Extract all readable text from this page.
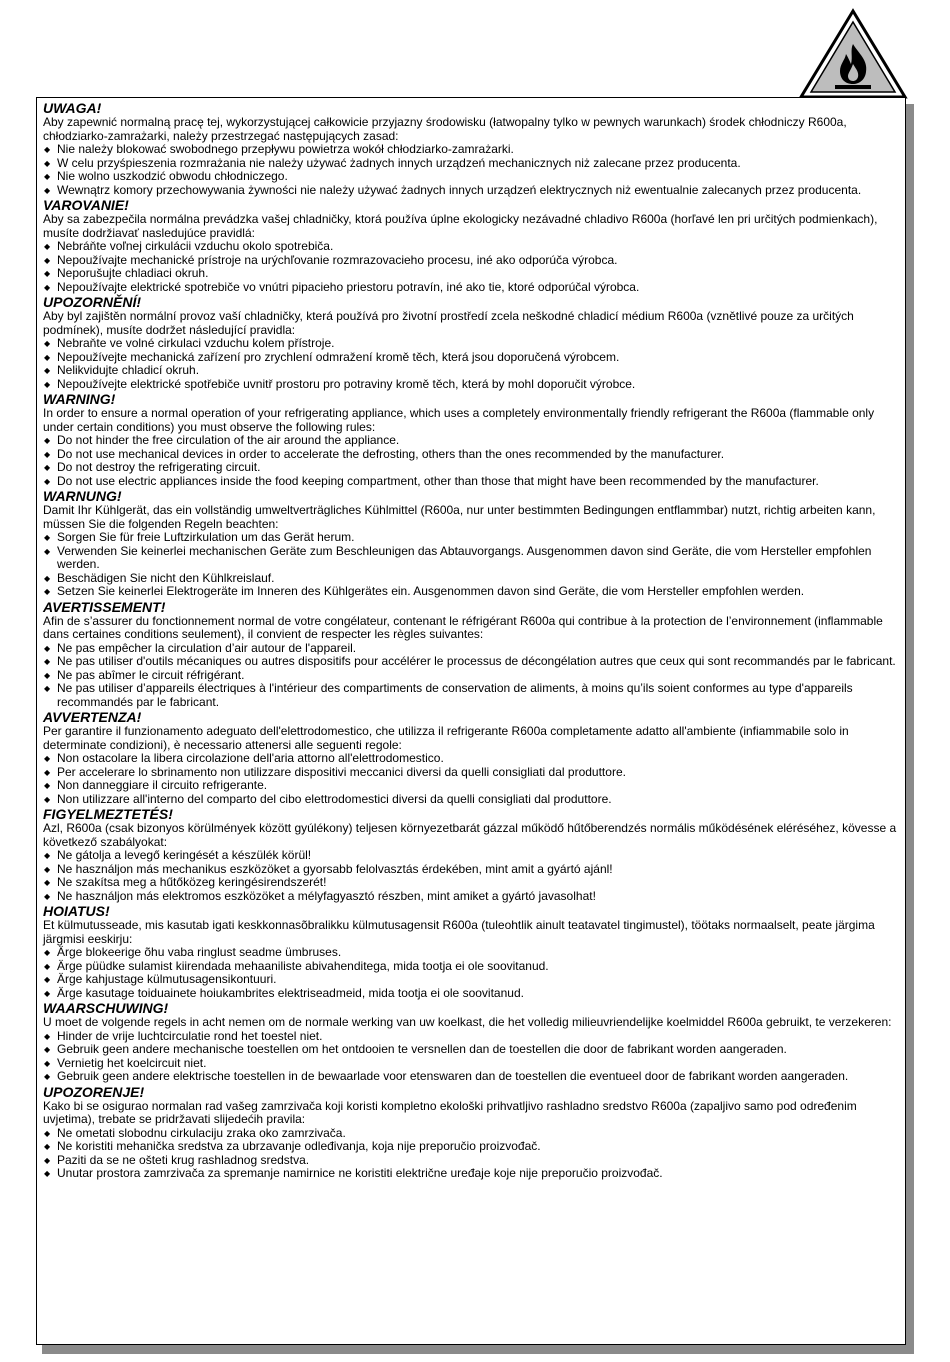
UWAGA!
Aby zapewnić normalną pracę tej, wykorzystującej całkowicie przyjazny środowisku (łatwopalny tylko w pewnych warunkach) środek chłodniczy R600a, chłodziarko-zamrażarki, należy przestrzegać następujących zasad:
◆ Nie należy blokować swobodnego przepływu powietrza wokół chłodziarko-zamrażarki.
◆ W celu przyśpieszenia rozmrażania nie należy używać żadnych innych urządzeń mechanicznych niż zalecane przez producenta.
◆ Nie wolno uszkodzić obwodu chłodniczego.
◆ Wewnątrz komory przechowywania żywności nie należy używać żadnych innych urządzeń elektrycznych niż ewentualnie zalecanych przez producenta.
VAROVANIE!
Aby sa zabezpečila normálna prevádzka vašej chladničky, ktorá používa úplne ekologicky nezávadné chladivo R600a (horľavé len pri určitých podmienkach), musíte dodržiavať nasledujúce pravidlá:
◆ Nebráňte voľnej cirkulácii vzduchu okolo spotrebiča.
◆ Nepoužívajte mechanické prístroje na urýchľovanie rozmrazovacieho procesu, iné ako odporúča výrobca.
◆ Neporušujte chladiaci okruh.
◆ Nepoužívajte elektrické spotrebiče vo vnútri pipacieho priestoru potravín, iné ako tie, ktoré odporúčal výrobca.
UPOZORNĚNÍ!
Aby byl zajištěn normální provoz vaší chladničky, která používá pro životní prostředí zcela neškodné chladicí médium R600a (vznětlivé pouze za určitých podmínek), musíte dodržet následující pravidla:
◆ Nebraňte ve volné cirkulaci vzduchu kolem přístroje.
◆ Nepoužívejte mechanická zařízení pro zrychlení odmražení kromě těch, která jsou doporučená výrobcem.
◆ Nelikvidujte chladicí okruh.
◆ Nepoužívejte elektrické spotřebiče uvnitř prostoru pro potraviny kromě těch, která by mohl doporučit výrobce.
WARNING!
In order to ensure a normal operation of your refrigerating appliance, which uses a completely environmentally friendly refrigerant the R600a (flammable only under certain conditions) you must observe the following rules:
◆ Do not hinder the free circulation of the air around the appliance.
◆ Do not use mechanical devices in order to accelerate the defrosting, others than the ones recommended by the manufacturer.
◆ Do not destroy the refrigerating circuit.
◆ Do not use electric appliances inside the food keeping compartment, other than those that might have been recommended by the manufacturer.
WARNUNG!
Damit Ihr Kühlgerät, das ein vollständig umweltverträgliches Kühlmittel (R600a, nur unter bestimmten Bedingungen entflammbar) nutzt, richtig arbeiten kann, müssen Sie die folgenden Regeln beachten:
◆ Sorgen Sie für freie Luftzirkulation um das Gerät herum.
◆ Verwenden Sie keinerlei mechanischen Geräte zum Beschleunigen das Abtauvorgangs. Ausgenommen davon sind Geräte, die vom Hersteller empfohlen werden.
◆ Beschädigen Sie nicht den Kühlkreislauf.
◆ Setzen Sie keinerlei Elektrogeräte im Inneren des Kühlgerätes ein. Ausgenommen davon sind Geräte, die vom Hersteller empfohlen werden.
AVERTISSEMENT!
Afin de s’assurer du fonctionnement normal de votre congélateur, contenant le réfrigérant R600a qui contribue à la protection de l’environnement (inflammable dans certaines conditions seulement), il convient de respecter les règles suivantes:
◆ Ne pas empêcher la circulation d’air autour de l'appareil.
◆ Ne pas utiliser d'outils mécaniques ou autres dispositifs pour accélérer le processus de décongélation autres que ceux qui sont recommandés par le fabricant.
◆ Ne pas abîmer le circuit réfrigérant.
◆ Ne pas utiliser d’appareils électriques à l'intérieur des compartiments de conservation de aliments, à moins qu’ils soient conformes au type d'appareils recommandés par le fabricant.
AVVERTENZA!
Per garantire il funzionamento adeguato dell'elettrodomestico, che utilizza il refrigerante R600a completamente adatto all'ambiente (infiammabile solo in determinate condizioni), è necessario attenersi alle seguenti regole:
◆ Non ostacolare la libera circolazione dell'aria attorno all'elettrodomestico.
◆ Per accelerare lo sbrinamento non utilizzare dispositivi meccanici diversi da quelli consigliati dal produttore.
◆ Non danneggiare il circuito refrigerante.
◆ Non utilizzare all'interno del comparto del cibo elettrodomestici diversi da quelli consigliati dal produttore.
FIGYELMEZTETÉS!
Azl, R600a (csak bizonyos körülmények között gyúlékony) teljesen környezetbarát gázzal működő hűtőberendzés normális működésének eléréséhez, kövesse a következő szabályokat:
◆ Ne gátolja a levegő keringését a készülék körül!
◆ Ne használjon más mechanikus eszközöket a gyorsabb felolvasztás érdekében, mint amit a gyártó ajánl!
◆ Ne szakítsa meg a hűtőközeg keringésirendszerét!
◆ Ne használjon más elektromos eszközöket a mélyfagyasztó részben, mint amiket a gyártó javasolhat!
HOIATUS!
Et külmutusseade, mis kasutab igati keskkonnasõbralikku külmutusagensit R600a (tuleohtlik ainult teatavatel tingimustel), töötaks normaalselt, peate järgima järgmisi eeskirju:
◆ Ärge blokeerige õhu vaba ringlust seadme ümbruses.
◆ Ärge püüdke sulamist kiirendada mehaaniliste abivahenditega, mida tootja ei ole soovitanud.
◆ Ärge kahjustage külmutusagensikontuuri.
◆ Ärge kasutage toiduainete hoiukambrites elektriseadmeid, mida tootja ei ole soovitanud.
WAARSCHUWING!
U moet de volgende regels in acht nemen om de normale werking van uw koelkast, die het volledig milieuvriendelijke koelmiddel R600a gebruikt, te verzekeren:
◆ Hinder de vrije luchtcirculatie rond het toestel niet.
◆ Gebruik geen andere mechanische toestellen om het ontdooien te versnellen dan de toestellen die door de fabrikant worden aangeraden.
◆ Vernietig het koelcircuit niet.
◆ Gebruik geen andere elektrische toestellen in de bewaarlade voor etenswaren dan de toestellen die eventueel door de fabrikant worden aangeraden.
UPOZORENJE!
Kako bi se osigurao normalan rad vašeg zamrzivača koji koristi kompletno ekološki prihvatljivo rashladno sredstvo R600a (zapaljivo samo pod određenim uvjetima), trebate se pridržavati slijedećih pravila:
◆ Ne ometati slobodnu cirkulaciju zraka oko zamrzivača.
◆ Ne koristiti mehanička sredstva za ubrzavanje odleđivanja, koja nije preporučio proizvođač.
◆ Paziti da se ne ošteti krug rashladnog sredstva.
◆ Unutar prostora zamrzivača za spremanje namirnice ne koristiti električne uređaje koje nije preporučio proizvođač.
